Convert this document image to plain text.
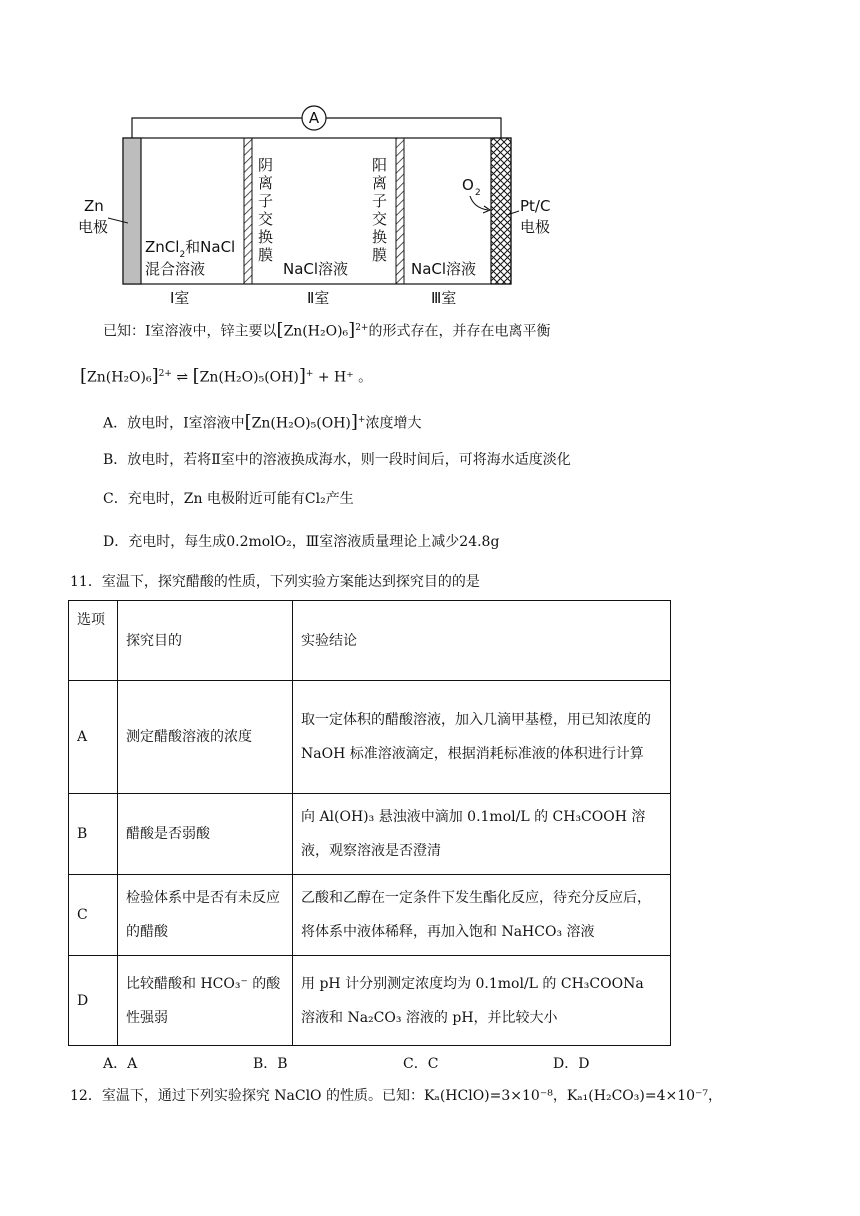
A
Zn
电极
阴
离
子
交
换
膜
阳
离
子
交
换
膜
O 2
Pt/C
电极
ZnCl$_2$和NaCl
混合溶液	NaCl溶液	NaCl溶液
Ⅰ室	Ⅱ室	Ⅲ室
已知：Ⅰ室溶液中，锌主要以$[Zn(H_2O)_6]^{2+}$的形式存在，并存在电离平衡
$[Zn(H_2O)_6]^{2+}$ ⇌ [Zn(H₂O)₅(OH)]+ + H⁺ 。
A．放电时，Ⅰ室溶液中[Zn(H₂O)₅(OH)]+浓度增大
B．放电时，若将Ⅱ室中的溶液换成海水，则一段时间后，可将海水适度淡化
C．充电时，Zn 电极附近可能有Cl₂产生
D．充电时，每生成0.2molO₂，Ⅲ室溶液质量理论上减少24.8g
11．室温下，探究醋酸的性质，下列实验方案能达到探究目的的是
选项	探究目的	实验结论
A	测定醋酸溶液的浓度	取一定体积的醋酸溶液，加入几滴甲基橙，用已知浓度的 NaOH 标准溶液滴定，根据消耗标准液的体积进行计算
B	醋酸是否弱酸	向 Al(OH)₃ 悬浊液中滴加 0.1mol/L 的 CH₃COOH 溶液，观察溶液是否澄清
C	检验体系中是否有未反应的醋酸	乙酸和乙醇在一定条件下发生酯化反应，待充分反应后，将体系中液体稀释，再加入饱和 NaHCO₃ 溶液
D	比较醋酸和 HCO₃⁻ 的酸性强弱	用 pH 计分别测定浓度均为 0.1mol/L 的 CH₃COONa 溶液和 Na₂CO₃ 溶液的 pH，并比较大小
A．A	B．B	C．C	D．D
12．室温下，通过下列实验探究 NaClO 的性质。已知：Kₐ(HClO)=3×10⁻⁸，Kₐ₁(H₂CO₃)=4×10⁻⁷，
